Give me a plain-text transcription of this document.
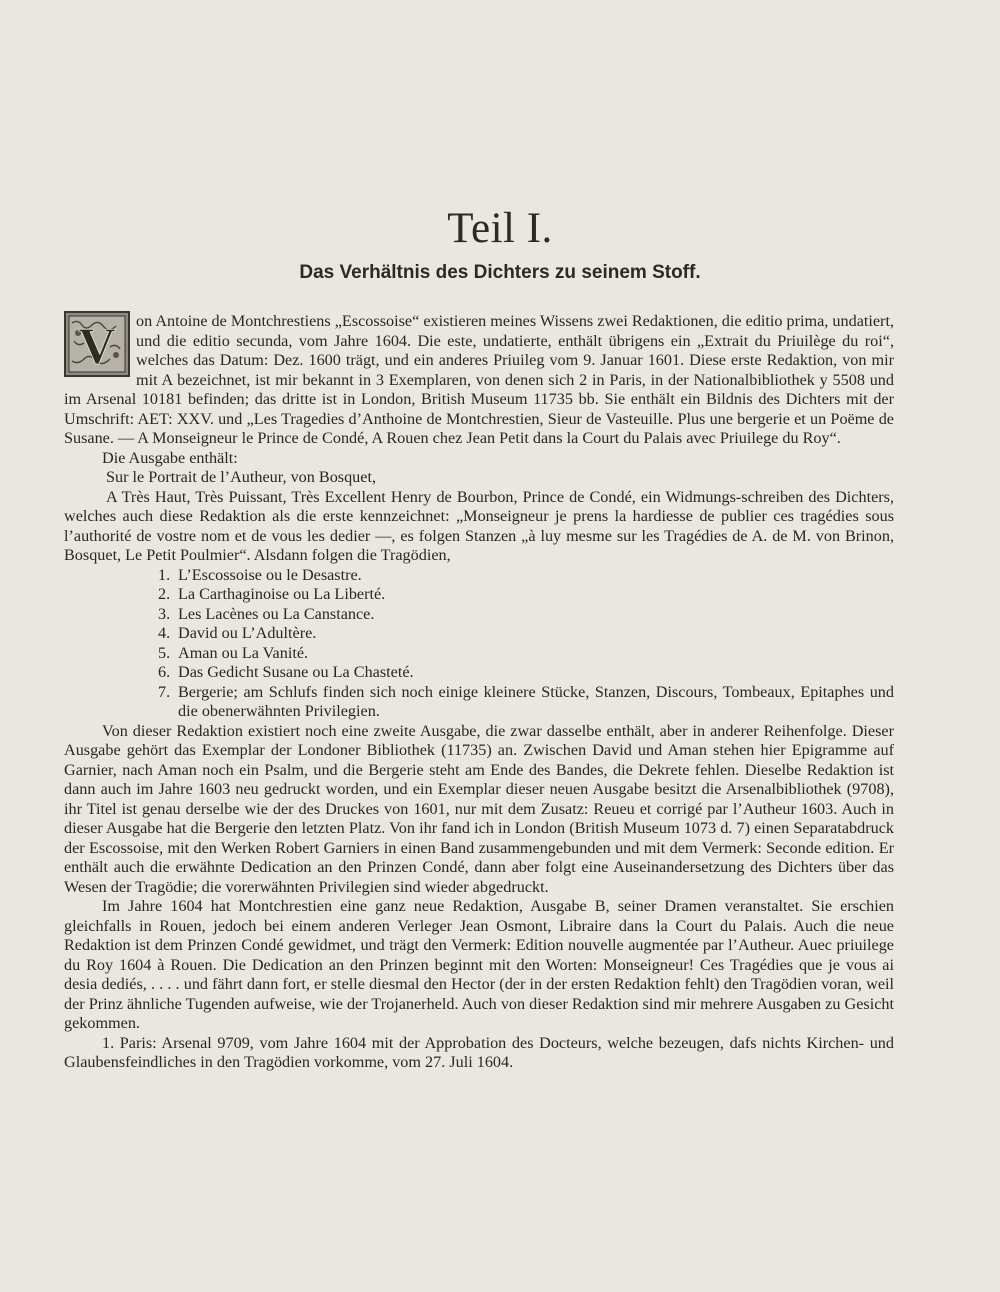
Teil I.
Das Verhältnis des Dichters zu seinem Stoff.

V on Antoine de Montchrestiens „Escossoise“ existieren meines Wissens zwei Redaktionen, die editio prima, undatiert, und die editio secunda, vom Jahre 1604. Die este, undatierte, enthält übrigens ein „Extrait du Priuilège du roi“, welches das Datum: Dez. 1600 trägt, und ein anderes Priuileg vom 9. Januar 1601. Diese erste Redaktion, von mir mit A bezeichnet, ist mir bekannt in 3 Exemplaren, von denen sich 2 in Paris, in der Nationalbibliothek y 5508 und im Arsenal 10181 befinden; das dritte ist in London, British Museum 11735 bb. Sie enthält ein Bildnis des Dichters mit der Umschrift: AET: XXV. und „Les Tragedies d’Anthoine de Montchrestien, Sieur de Vasteuille. Plus une bergerie et un Poëme de Susane. — A Monseigneur le Prince de Condé, A Rouen chez Jean Petit dans la Court du Palais avec Priuilege du Roy“.

Die Ausgabe enthält:

Sur le Portrait de l’Autheur, von Bosquet,

A Très Haut, Très Puissant, Très Excellent Henry de Bourbon, Prince de Condé, ein Widmungs-schreiben des Dichters, welches auch diese Redaktion als die erste kennzeichnet: „Monseigneur je prens la hardiesse de publier ces tragédies sous l’authorité de vostre nom et de vous les dedier —, es folgen Stanzen „à luy mesme sur les Tragédies de A. de M. von Brinon, Bosquet, Le Petit Poulmier“. Alsdann folgen die Tragödien,

1. L’Escossoise ou le Desastre.
2. La Carthaginoise ou La Liberté.
3. Les Lacènes ou La Canstance.
4. David ou L’Adultère.
5. Aman ou La Vanité.
6. Das Gedicht Susane ou La Chasteté.
7. Bergerie; am Schlufs finden sich noch einige kleinere Stücke, Stanzen, Discours, Tombeaux, Epitaphes und die obenerwähnten Privilegien.

Von dieser Redaktion existiert noch eine zweite Ausgabe, die zwar dasselbe enthält, aber in anderer Reihenfolge. Dieser Ausgabe gehört das Exemplar der Londoner Bibliothek (11735) an. Zwischen David und Aman stehen hier Epigramme auf Garnier, nach Aman noch ein Psalm, und die Bergerie steht am Ende des Bandes, die Dekrete fehlen. Dieselbe Redaktion ist dann auch im Jahre 1603 neu gedruckt worden, und ein Exemplar dieser neuen Ausgabe besitzt die Arsenalbibliothek (9708), ihr Titel ist genau derselbe wie der des Druckes von 1601, nur mit dem Zusatz: Reueu et corrigé par l’Autheur 1603. Auch in dieser Ausgabe hat die Bergerie den letzten Platz. Von ihr fand ich in London (British Museum 1073 d. 7) einen Separatabdruck der Escossoise, mit den Werken Robert Garniers in einen Band zusammengebunden und mit dem Vermerk: Seconde edition. Er enthält auch die erwähnte Dedication an den Prinzen Condé, dann aber folgt eine Auseinandersetzung des Dichters über das Wesen der Tragödie; die vorerwähnten Privilegien sind wieder abgedruckt.

Im Jahre 1604 hat Montchrestien eine ganz neue Redaktion, Ausgabe B, seiner Dramen veranstaltet. Sie erschien gleichfalls in Rouen, jedoch bei einem anderen Verleger Jean Osmont, Libraire dans la Court du Palais. Auch die neue Redaktion ist dem Prinzen Condé gewidmet, und trägt den Vermerk: Edition nouvelle augmentée par l’Autheur. Auec priuilege du Roy 1604 à Rouen. Die Dedication an den Prinzen beginnt mit den Worten: Monseigneur! Ces Tragédies que je vous ai desia dediés, . . . . und fährt dann fort, er stelle diesmal den Hector (der in der ersten Redaktion fehlt) den Tragödien voran, weil der Prinz ähnliche Tugenden aufweise, wie der Trojanerheld. Auch von dieser Redaktion sind mir mehrere Ausgaben zu Gesicht gekommen.

1. Paris: Arsenal 9709, vom Jahre 1604 mit der Approbation des Docteurs, welche bezeugen, dafs nichts Kirchen- und Glaubensfeindliches in den Tragödien vorkomme, vom 27. Juli 1604.
